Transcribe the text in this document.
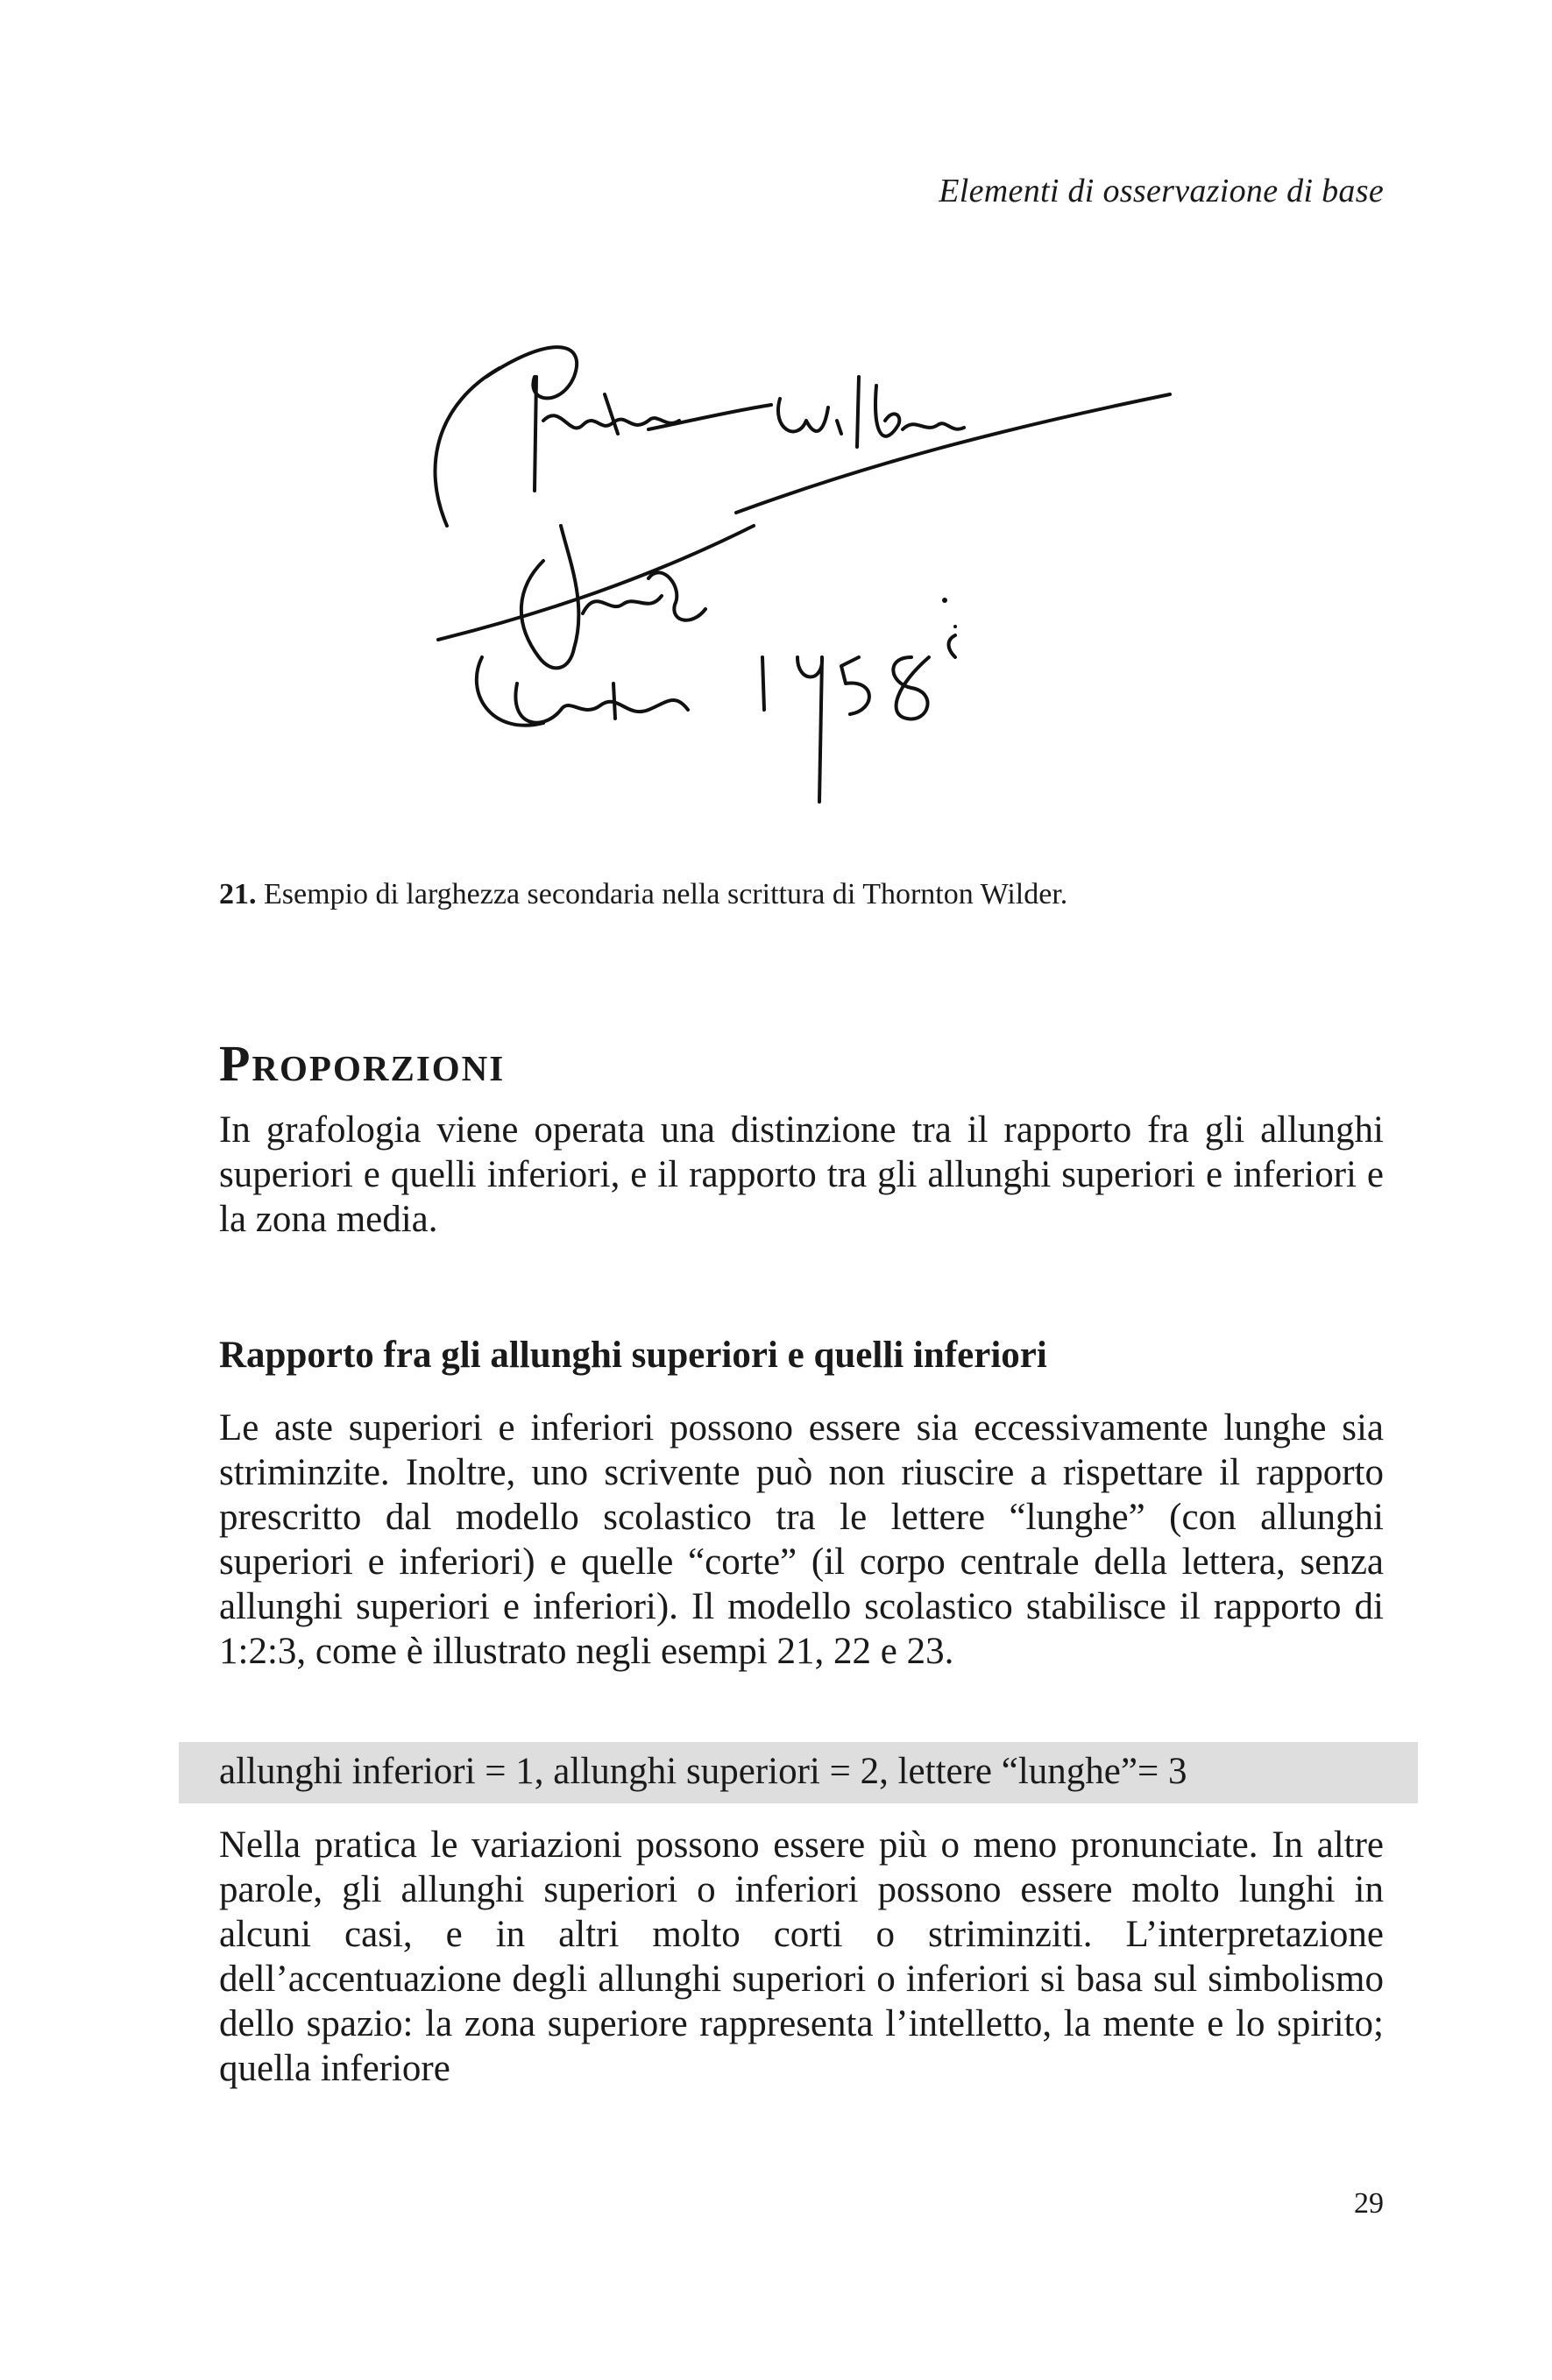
Elementi di osservazione di base
21. Esempio di larghezza secondaria nella scrittura di Thornton Wilder.
Proporzioni
In grafologia viene operata una distinzione tra il rapporto fra gli allunghi superiori e quelli inferiori, e il rapporto tra gli allunghi superiori e inferiori e la zona media.
Rapporto fra gli allunghi superiori e quelli inferiori
Le aste superiori e inferiori possono essere sia eccessivamente lunghe sia striminzite. Inoltre, uno scrivente può non riuscire a rispettare il rapporto prescritto dal modello scolastico tra le lettere “lunghe” (con allunghi superiori e inferiori) e quelle “corte” (il corpo centrale della lettera, senza allunghi superiori e inferiori). Il modello scolastico stabilisce il rapporto di 1:2:3, come è illustrato negli esempi 21, 22 e 23.
allunghi inferiori = 1, allunghi superiori = 2, lettere “lunghe”= 3
Nella pratica le variazioni possono essere più o meno pronunciate. In altre parole, gli allunghi superiori o inferiori possono essere molto lunghi in alcuni casi, e in altri molto corti o striminziti. L’interpretazione dell’accentuazione degli allunghi superiori o inferiori si basa sul simbolismo dello spazio: la zona superiore rappresenta l’intelletto, la mente e lo spirito; quella inferiore
29
